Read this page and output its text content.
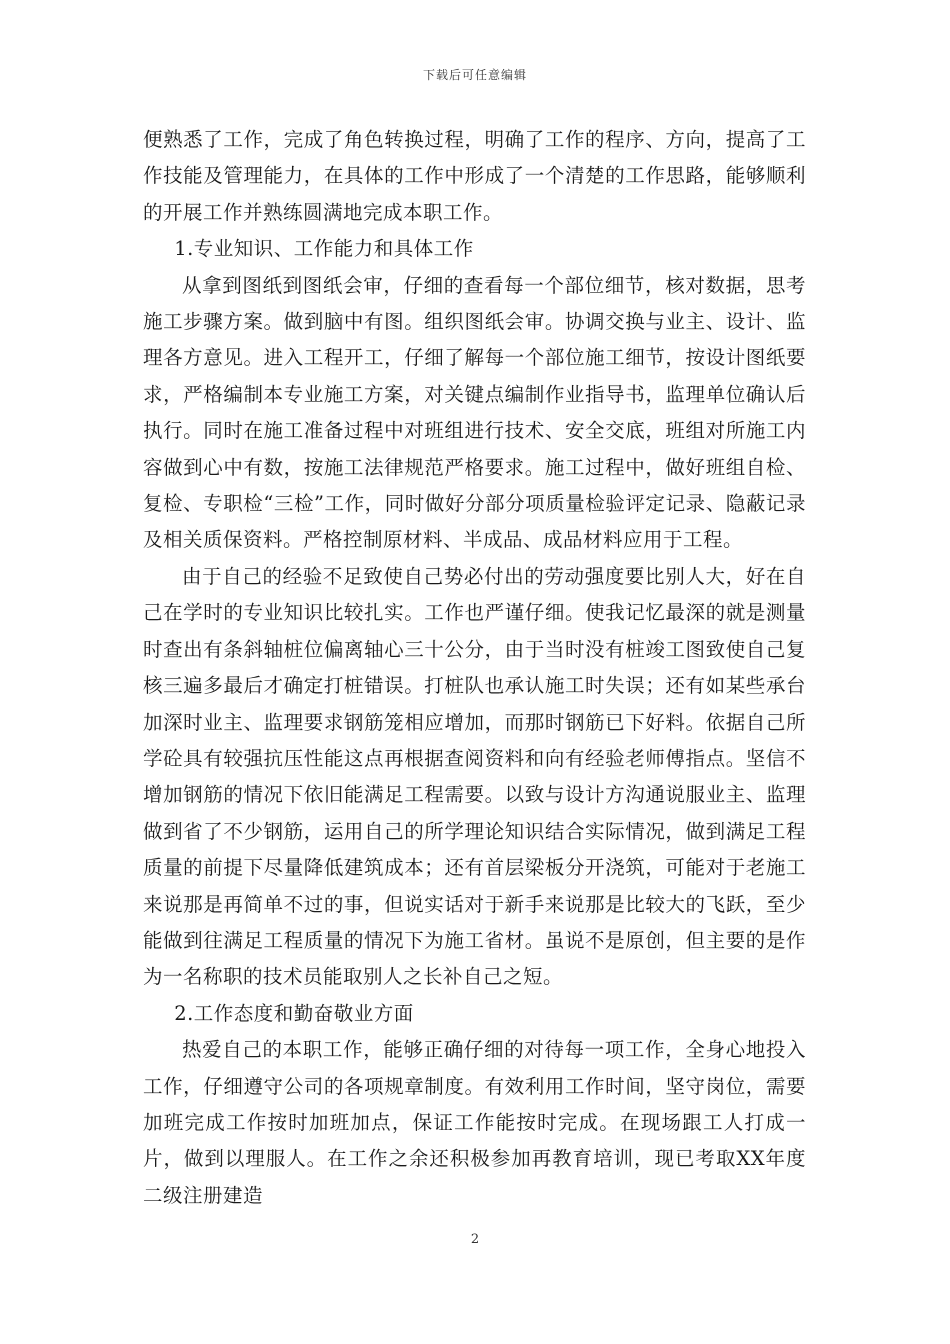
下载后可任意编辑

便熟悉了工作，完成了角色转换过程，明确了工作的程序、方向，提高了工作技能及管理能力，在具体的工作中形成了一个清楚的工作思路，能够顺利的开展工作并熟练圆满地完成本职工作。

1.专业知识、工作能力和具体工作

从拿到图纸到图纸会审，仔细的查看每一个部位细节，核对数据，思考施工步骤方案。做到脑中有图。组织图纸会审。协调交换与业主、设计、监理各方意见。进入工程开工，仔细了解每一个部位施工细节，按设计图纸要求，严格编制本专业施工方案，对关键点编制作业指导书，监理单位确认后执行。同时在施工准备过程中对班组进行技术、安全交底，班组对所施工内容做到心中有数，按施工法律规范严格要求。施工过程中，做好班组自检、复检、专职检“三检”工作，同时做好分部分项质量检验评定记录、隐蔽记录及相关质保资料。严格控制原材料、半成品、成品材料应用于工程。

由于自己的经验不足致使自己势必付出的劳动强度要比别人大，好在自己在学时的专业知识比较扎实。工作也严谨仔细。使我记忆最深的就是测量时查出有条斜轴桩位偏离轴心三十公分，由于当时没有桩竣工图致使自己复核三遍多最后才确定打桩错误。打桩队也承认施工时失误；还有如某些承台加深时业主、监理要求钢筋笼相应增加，而那时钢筋已下好料。依据自己所学砼具有较强抗压性能这点再根据查阅资料和向有经验老师傅指点。坚信不增加钢筋的情况下依旧能满足工程需要。以致与设计方沟通说服业主、监理做到省了不少钢筋，运用自己的所学理论知识结合实际情况，做到满足工程质量的前提下尽量降低建筑成本；还有首层梁板分开浇筑，可能对于老施工来说那是再简单不过的事，但说实话对于新手来说那是比较大的飞跃，至少能做到往满足工程质量的情况下为施工省材。虽说不是原创，但主要的是作为一名称职的技术员能取别人之长补自己之短。

2.工作态度和勤奋敬业方面

热爱自己的本职工作，能够正确仔细的对待每一项工作，全身心地投入工作，仔细遵守公司的各项规章制度。有效利用工作时间，坚守岗位，需要加班完成工作按时加班加点，保证工作能按时完成。在现场跟工人打成一片，做到以理服人。在工作之余还积极参加再教育培训，现已考取XX年度二级注册建造

2
